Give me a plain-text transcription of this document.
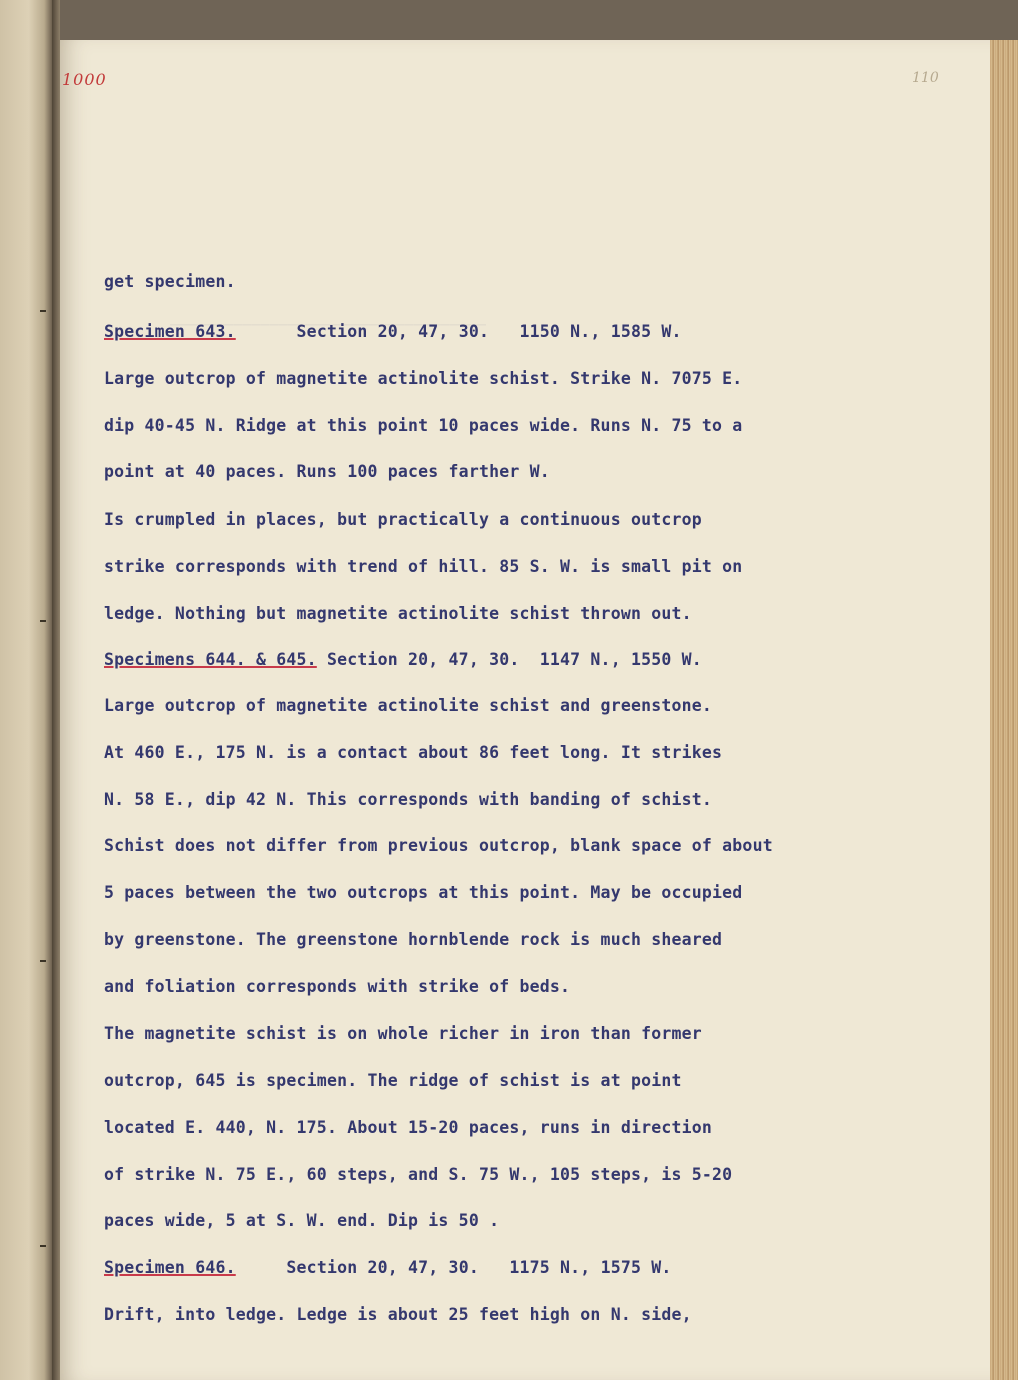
___________________________________
1000	110
get specimen.
Specimen 643.      Section 20, 47, 30.   1150 N., 1585 W.
Large outcrop of magnetite actinolite schist. Strike N. 7075 E.
dip 40-45 N. Ridge at this point 10 paces wide. Runs N. 75 to a
point at 40 paces. Runs 100 paces farther W.
Is crumpled in places, but practically a continuous outcrop
strike corresponds with trend of hill. 85 S. W. is small pit on
ledge. Nothing but magnetite actinolite schist thrown out.
Specimens 644. & 645. Section 20, 47, 30.  1147 N., 1550 W.
Large outcrop of magnetite actinolite schist and greenstone.
At 460 E., 175 N. is a contact about 86 feet long. It strikes
N. 58 E., dip 42 N. This corresponds with banding of schist.
Schist does not differ from previous outcrop, blank space of about
5 paces between the two outcrops at this point. May be occupied
by greenstone. The greenstone hornblende rock is much sheared
and foliation corresponds with strike of beds.
The magnetite schist is on whole richer in iron than former
outcrop, 645 is specimen. The ridge of schist is at point
located E. 440, N. 175. About 15-20 paces, runs in direction
of strike N. 75 E., 60 steps, and S. 75 W., 105 steps, is 5-20
paces wide, 5 at S. W. end. Dip is 50 .
Specimen 646.     Section 20, 47, 30.   1175 N., 1575 W.
Drift, into ledge. Ledge is about 25 feet high on N. side,
